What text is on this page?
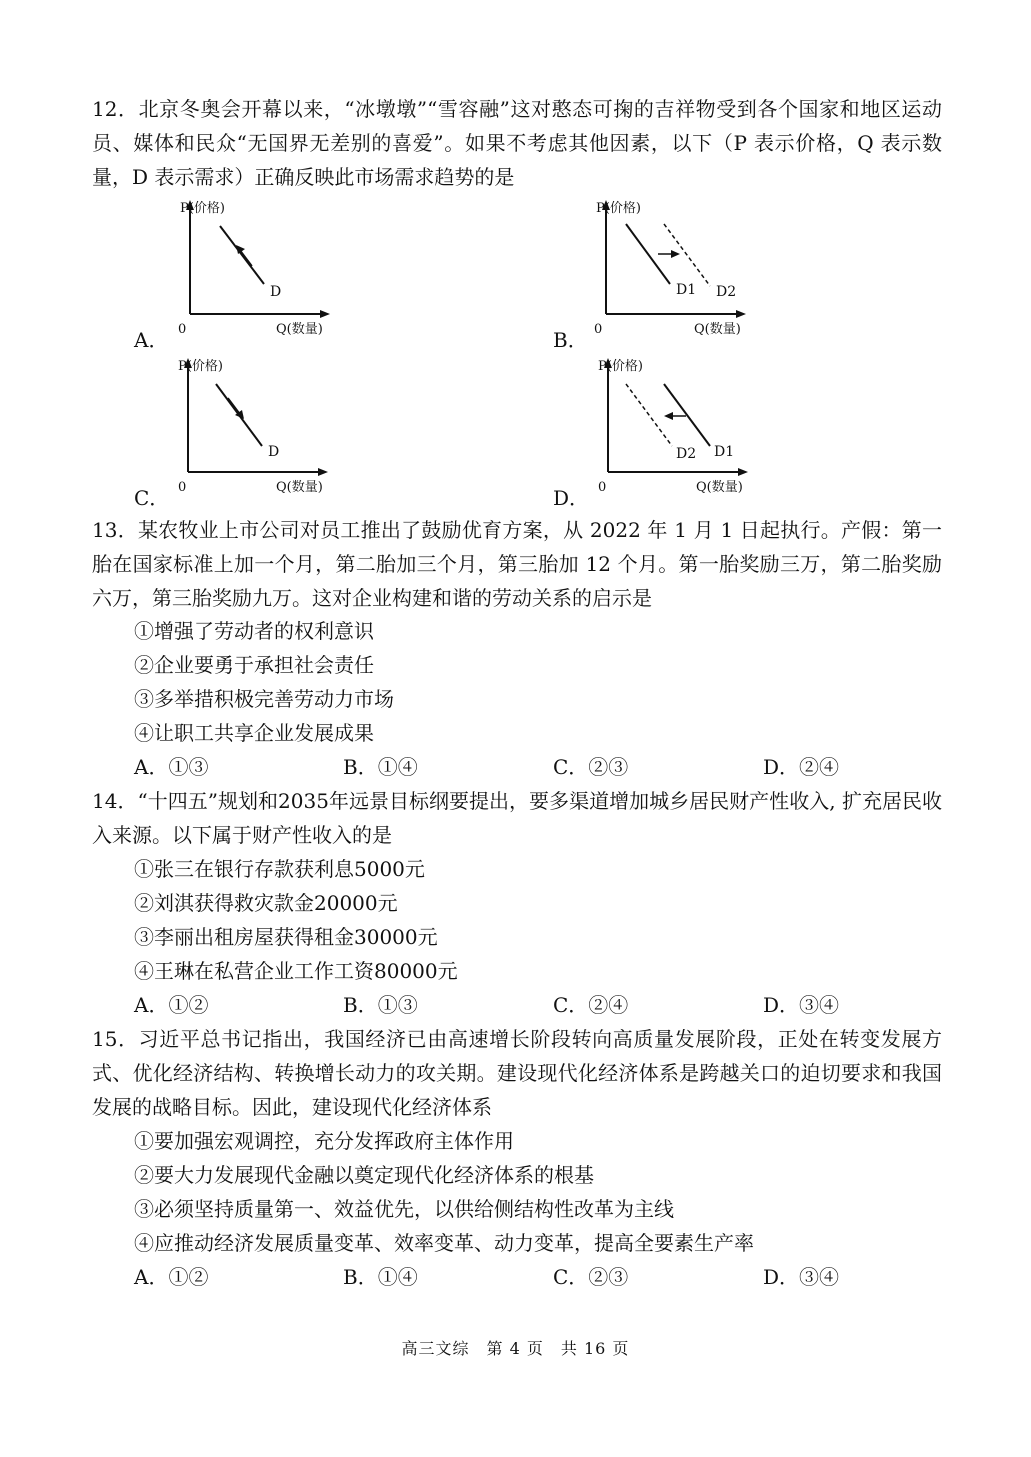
12．北京冬奥会开幕以来，“冰墩墩”“雪容融”这对憨态可掬的吉祥物受到各个国家和地区运动员、媒体和民众“无国界无差别的喜爱”。如果不考虑其他因素，以下（P 表示价格，Q 表示数量，D 表示需求）正确反映此市场需求趋势的是
A．
P(价格)
Q(数量)
0
D
B．
P(价格)
Q(数量)
0
D1 D2
C．
P(价格)
Q(数量)
0
D
D．
P(价格)
Q(数量)
0
D2 D1
13．某农牧业上市公司对员工推出了鼓励优育方案，从 2022 年 1 月 1 日起执行。产假：第一胎在国家标准上加一个月，第二胎加三个月，第三胎加 12 个月。第一胎奖励三万，第二胎奖励六万，第三胎奖励九万。这对企业构建和谐的劳动关系的启示是
①增强了劳动者的权利意识
②企业要勇于承担社会责任
③多举措积极完善劳动力市场
④让职工共享企业发展成果
A．①③	B．①④	C．②③	D．②④
14．“十四五”规划和2035年远景目标纲要提出，要多渠道增加城乡居民财产性收入, 扩充居民收入来源。以下属于财产性收入的是
①张三在银行存款获利息5000元
②刘淇获得救灾款金20000元
③李丽出租房屋获得租金30000元
④王琳在私营企业工作工资80000元
A．①②	B．①③	C．②④	D．③④
15．习近平总书记指出，我国经济已由高速增长阶段转向高质量发展阶段，正处在转变发展方式、优化经济结构、转换增长动力的攻关期。建设现代化经济体系是跨越关口的迫切要求和我国发展的战略目标。因此，建设现代化经济体系
①要加强宏观调控，充分发挥政府主体作用
②要大力发展现代金融以奠定现代化经济体系的根基
③必须坚持质量第一、效益优先，以供给侧结构性改革为主线
④应推动经济发展质量变革、效率变革、动力变革，提高全要素生产率
A．①②	B．①④	C．②③	D．③④
高三文综　第 4 页　共 16 页
